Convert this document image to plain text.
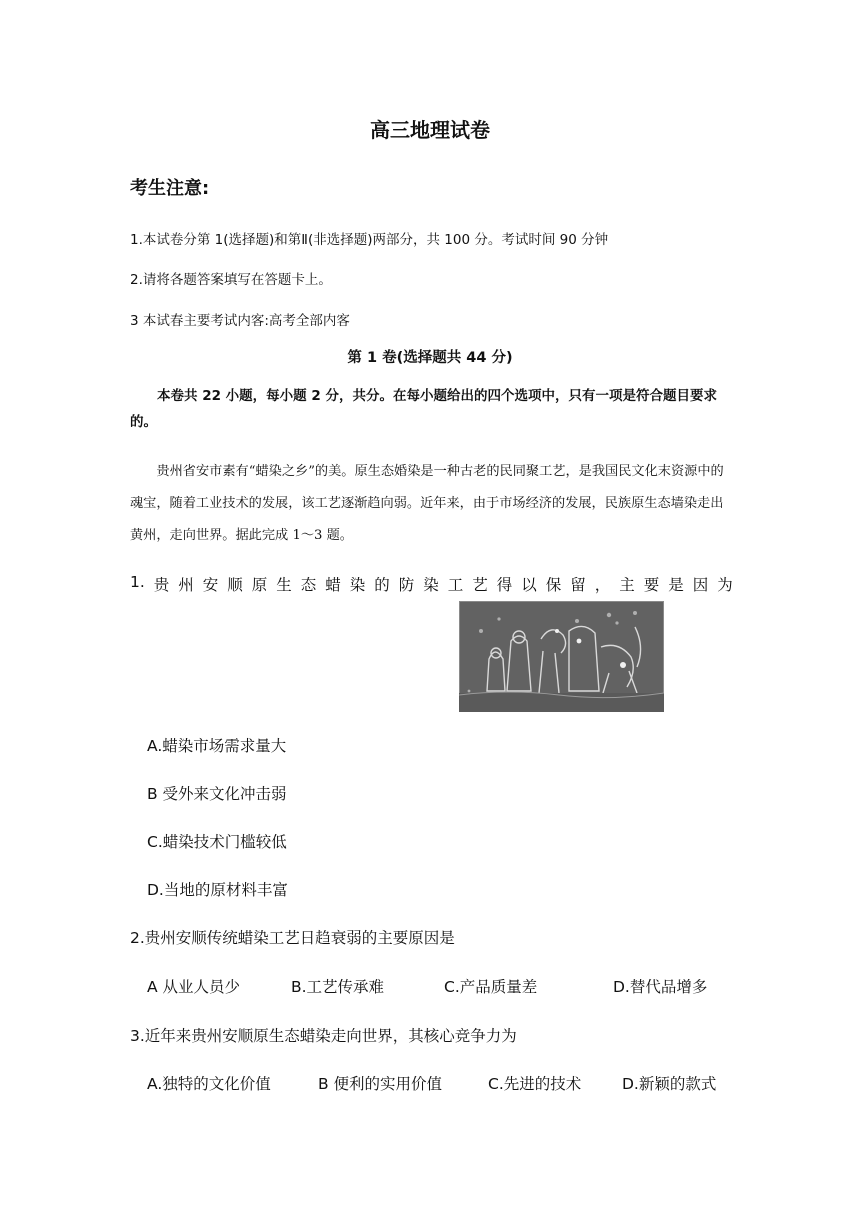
高三地理试卷
考生注意:
1.本试卷分第 1(选择题)和第Ⅱ(非选择题)两部分，共 100 分。考试时间 90 分钟
2.请将各题答案填写在答题卡上。
3 本试春主要考试内客:高考全部内客
第 1 卷(选择题共 44 分)
本卷共 22 小题，每小题 2 分，共分。在每小题给出的四个选项中，只有一项是符合题目要求的。
贵州省安市素有“蜡染之乡”的美。原生态婚染是一种古老的民同聚工艺，是我国民文化末资源中的魂宝，随着工业技术的发展，该工艺逐渐趋向弱。近年来，由于市场经济的发展，民族原生态墙染走出黄州，走向世界。据此完成 1～3 题。
1. 贵 州 安 顺 原 生 态 蜡 染 的 防 染 工 艺 得 以 保 留 ， 主 要 是 因 为
A.蜡染市场需求量大
B 受外来文化冲击弱
C.蜡染技术门槛较低
D.当地的原材料丰富
2.贵州安顺传统蜡染工艺日趋衰弱的主要原因是
A 从业人员少	B.工艺传承难	C.产品质量差	D.替代品增多
3.近年来贵州安顺原生态蜡染走向世界，其核心竞争力为
A.独特的文化价值	B 便利的实用价值	C.先进的技术	D.新颖的款式
